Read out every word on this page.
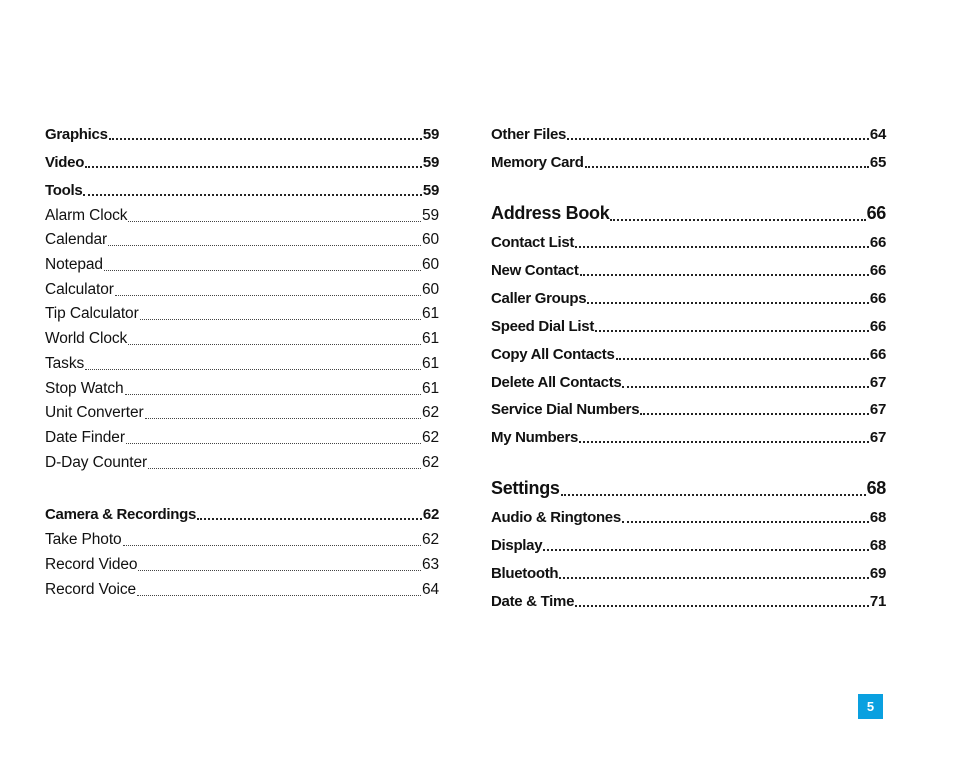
Graphics	59
Video	59
Tools	59
Alarm Clock	59
Calendar	60
Notepad	60
Calculator	60
Tip Calculator	61
World Clock	61
Tasks	61
Stop Watch	61
Unit Converter	62
Date Finder	62
D-Day Counter	62
Camera & Recordings	62
Take Photo	62
Record Video	63
Record Voice	64
Other Files	64
Memory Card	65
Address Book	66
Contact List	66
New Contact	66
Caller Groups	66
Speed Dial List	66
Copy All Contacts	66
Delete All Contacts	67
Service Dial Numbers	67
My Numbers	67
Settings	68
Audio & Ringtones	68
Display	68
Bluetooth	69
Date & Time	71
5
